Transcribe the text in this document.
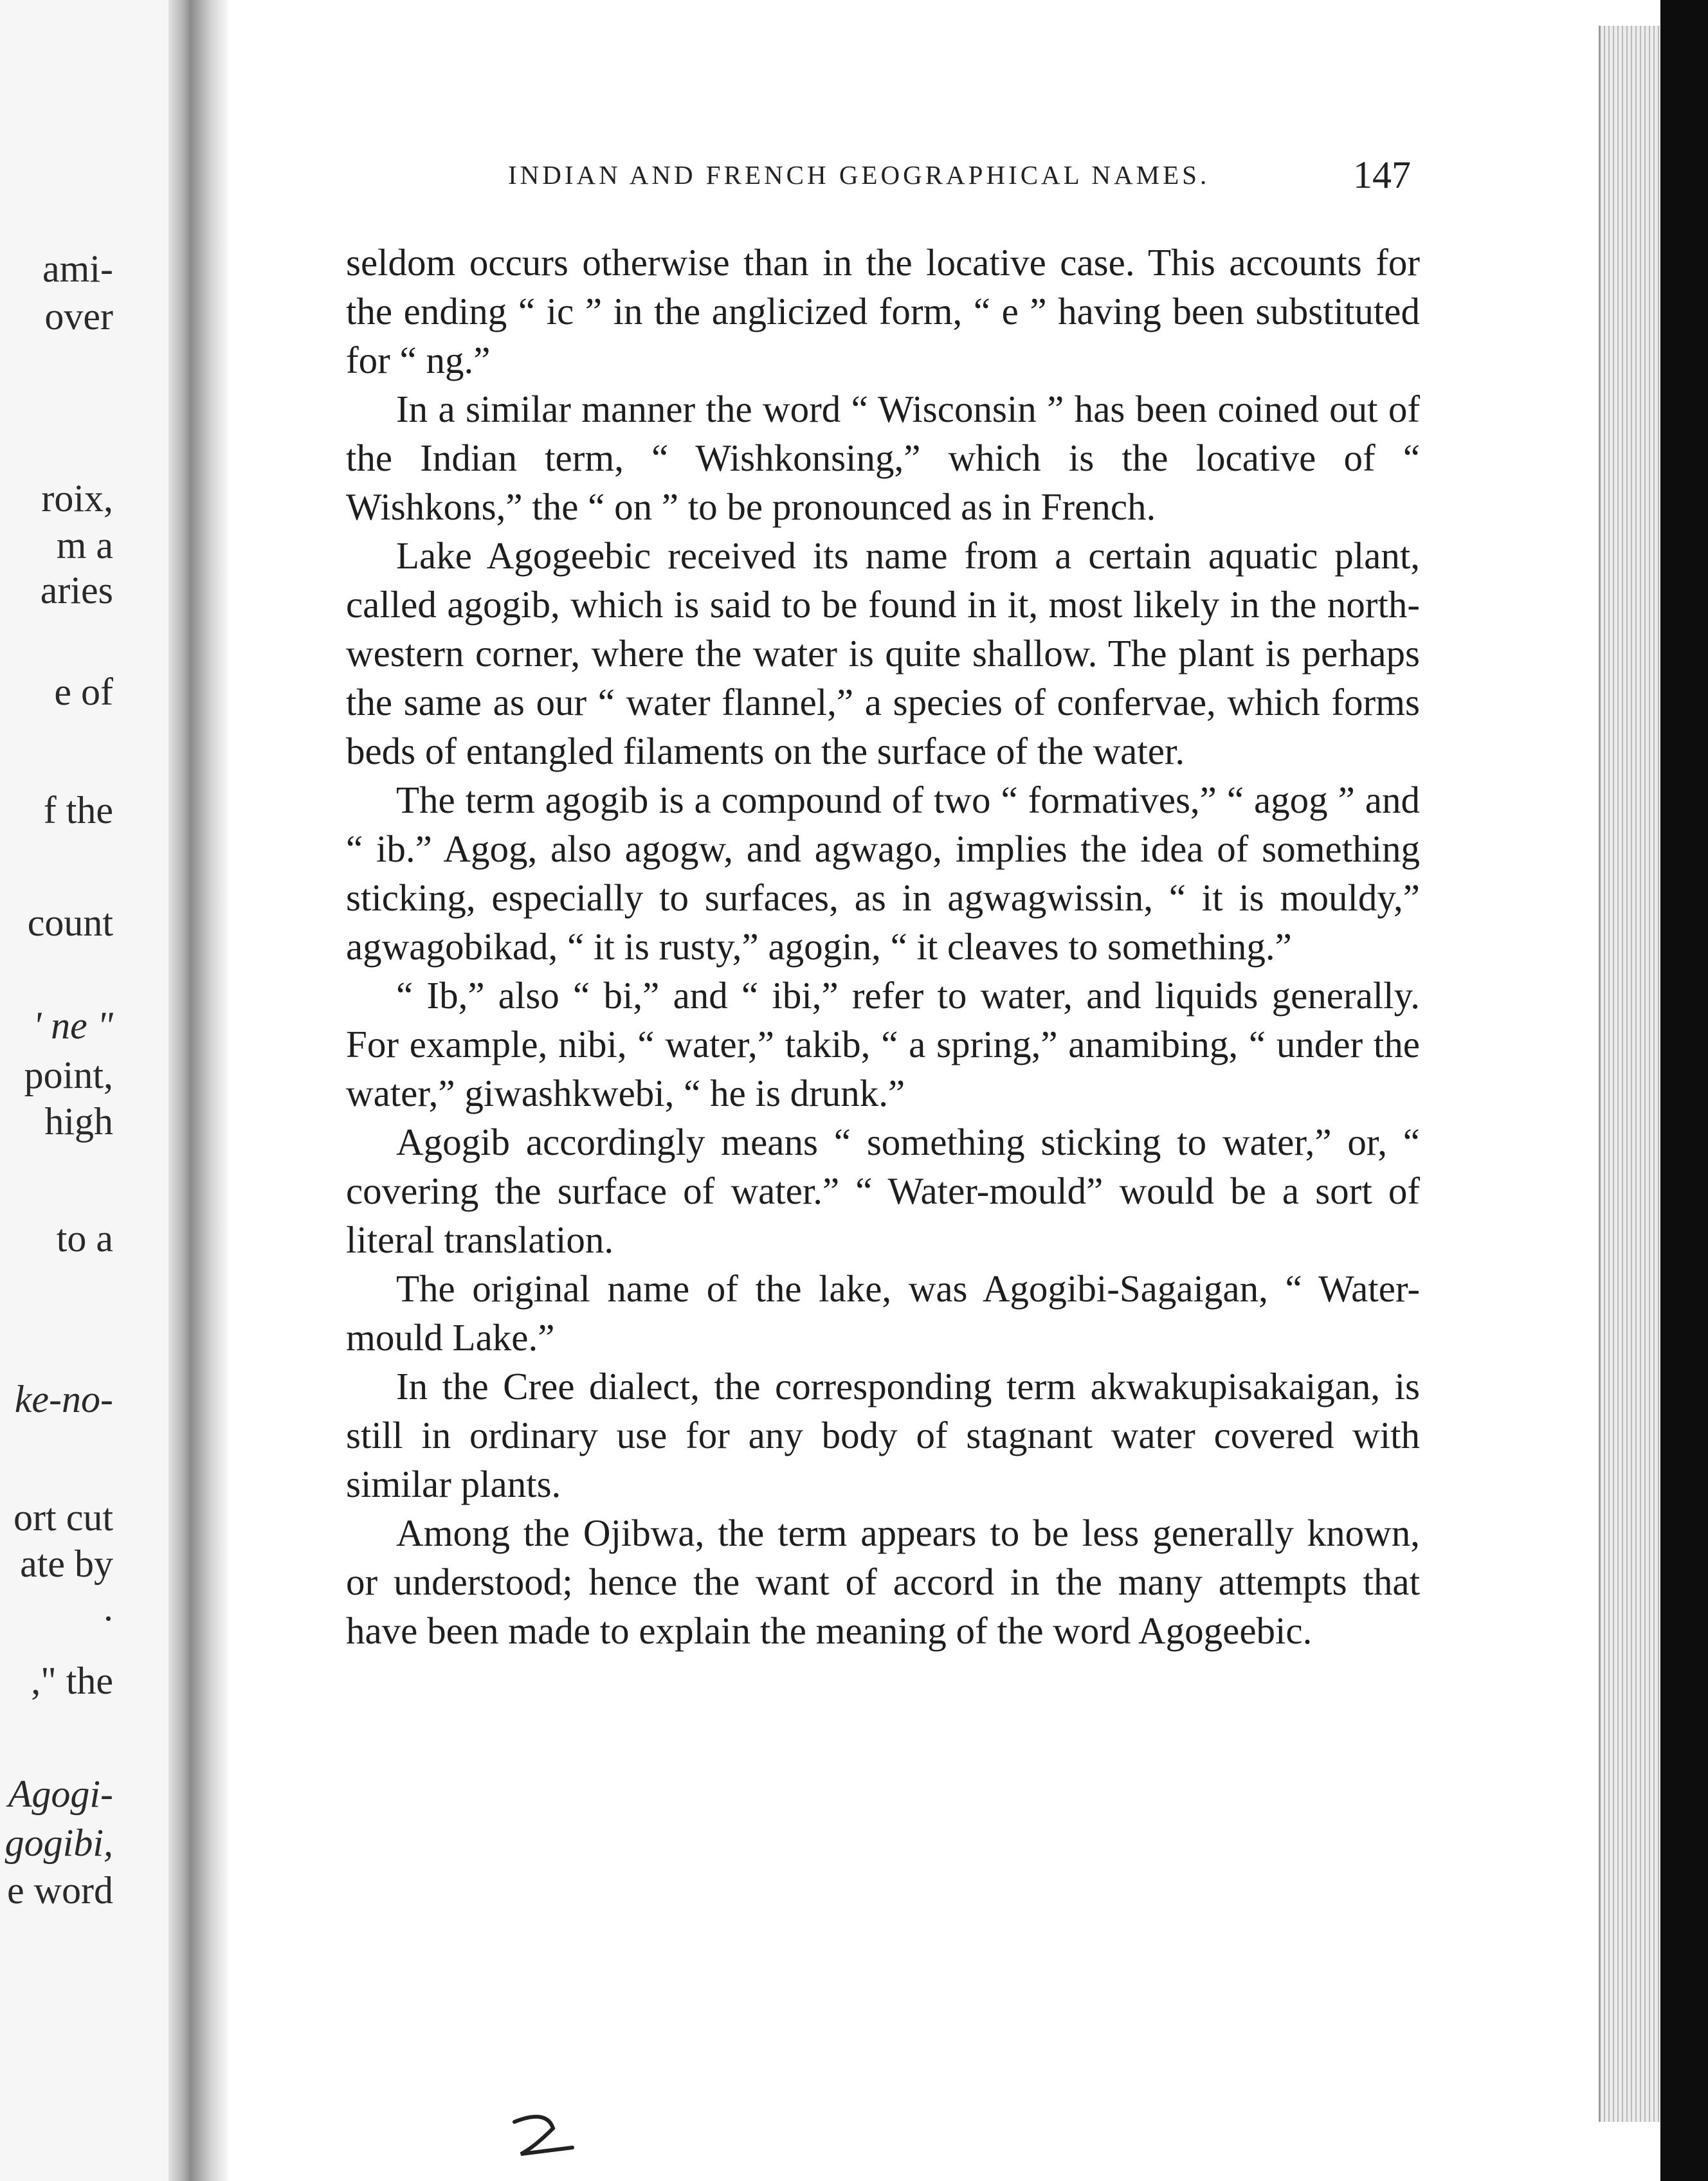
ami-
over
roix,
m a
aries
e of
f the
count
' ne "
point,
high
to a
ke-no-
ort cut
ate by
.
," the
Agogi-
gogibi,
e word
INDIAN AND FRENCH GEOGRAPHICAL NAMES.	147

seldom occurs otherwise than in the locative case. This accounts for the ending “ ic ” in the anglicized form, “ e ” having been substituted for “ ng.”

In a similar manner the word “ Wisconsin ” has been coined out of the Indian term, “ Wishkonsing,” which is the locative of “ Wishkons,” the “ on ” to be pronounced as in French.

Lake Agogeebic received its name from a certain aquatic plant, called agogib, which is said to be found in it, most likely in the north-western corner, where the water is quite shallow. The plant is perhaps the same as our “ water flannel,” a species of confervae, which forms beds of entangled filaments on the surface of the water.

The term agogib is a compound of two “ formatives,” “ agog ” and “ ib.” Agog, also agogw, and agwago, implies the idea of something sticking, especially to surfaces, as in agwagwissin, “ it is mouldy,” agwagobikad, “ it is rusty,” agogin, “ it cleaves to something.”

“ Ib,” also “ bi,” and “ ibi,” refer to water, and liquids generally. For example, nibi, “ water,” takib, “ a spring,” anamibing, “ under the water,” giwashkwebi, “ he is drunk.”

Agogib accordingly means “ something sticking to water,” or, “ covering the surface of water.” “ Water-mould” would be a sort of literal translation.

The original name of the lake, was Agogibi-Sagaigan, “ Water-mould Lake.”

In the Cree dialect, the corresponding term akwakupisakaigan, is still in ordinary use for any body of stagnant water covered with similar plants.

Among the Ojibwa, the term appears to be less generally known, or understood; hence the want of accord in the many attempts that have been made to explain the meaning of the word Agogeebic.
